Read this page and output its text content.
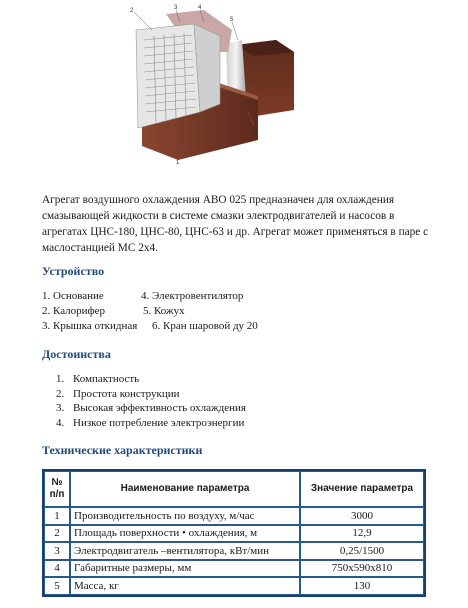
2	3	4
5
6
1

Агрегат воздушного охлаждения АВО 025 предназначен для охлаждения смазывающей жидкости в системе смазки электродвигателей и насосов в агрегатах ЦНС-180, ЦНС-80, ЦНС-63 и др. Агрегат может применяться в паре с маслостанцией МС 2х4.

Устройство
1. Основание	4. Электровентилятор
2. Калорифер	5. Кожух
3. Крышка откидная 6. Кран шаровой ду 20
Достоинства
1. Компактность
2. Простота конструкции
3. Высокая эффективность охлаждения
4. Низкое потребление электроэнергии
Технические характеристики
№ п/п	Наименование параметра	Значение параметра
1	Производительность по воздуху, м/час	3000
2	Площадь поверхности • охлаждения, м	12,9
3	Электродвигатель –вентилятора, кВт/мин	0,25/1500
4	Габаритные размеры, мм	750х590х810
5	Масса, кг	130
